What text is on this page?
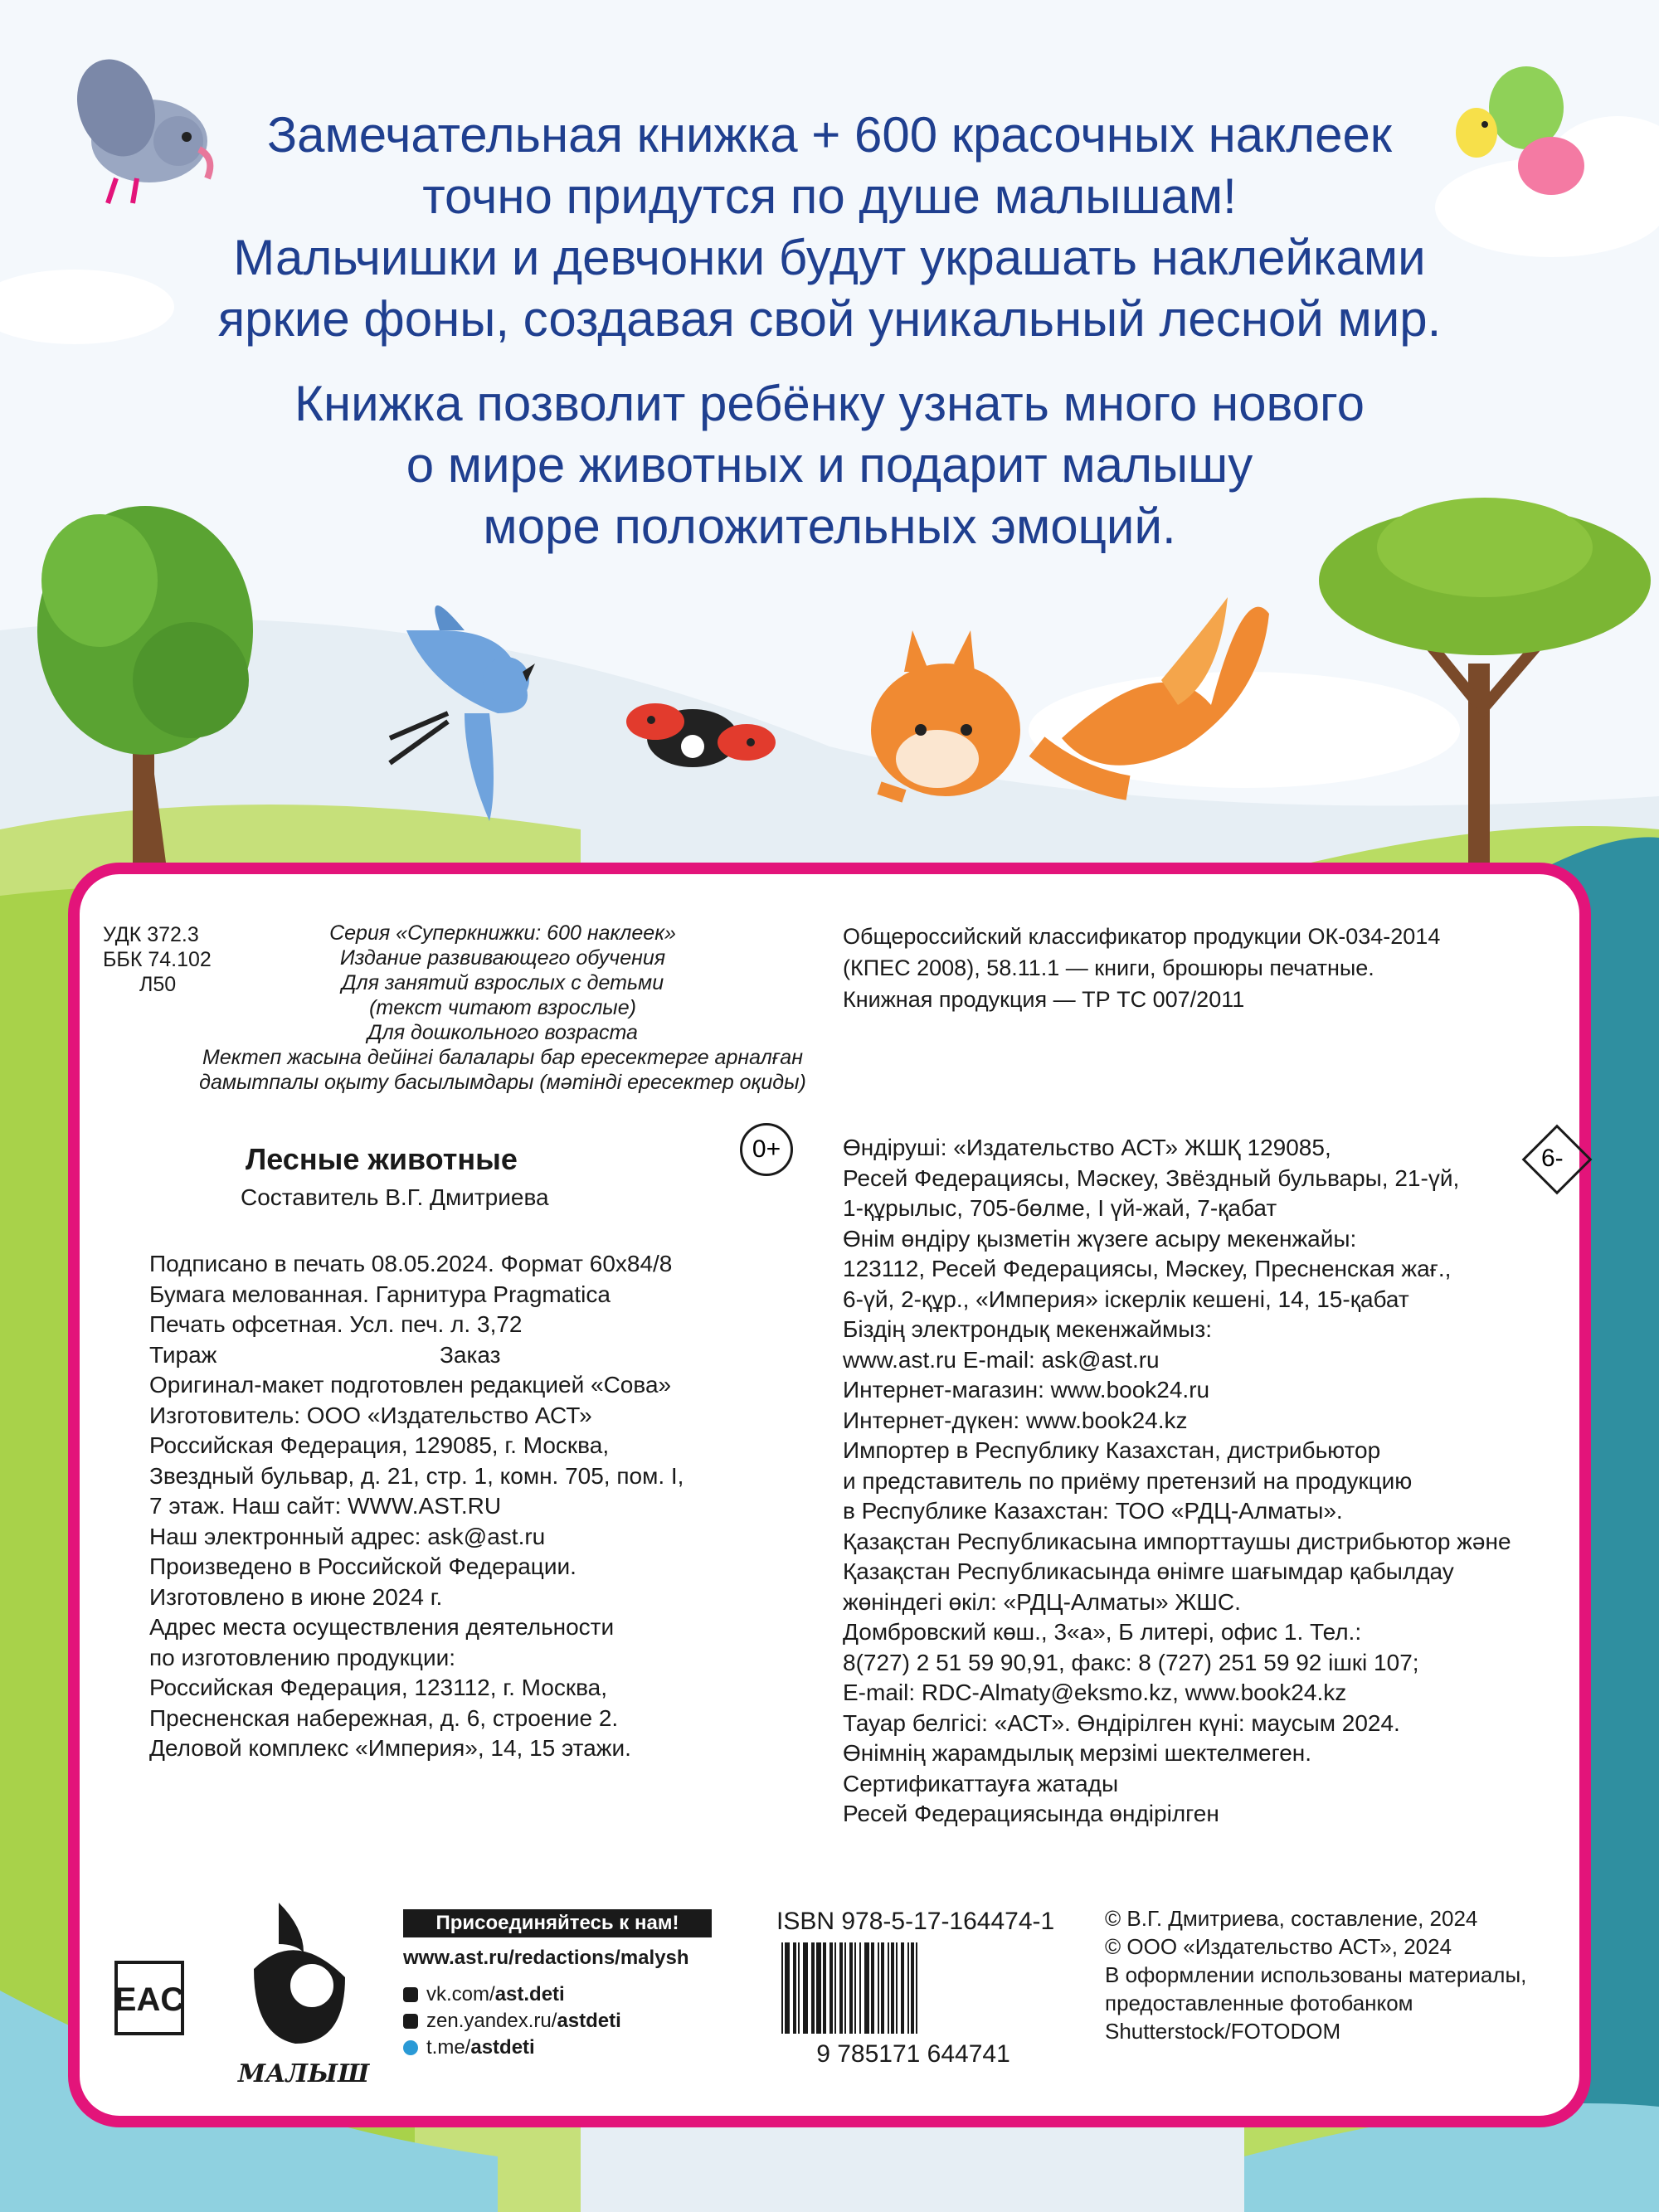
Замечательная книжка + 600 красочных наклеек
точно придутся по душе малышам!
Мальчишки и девчонки будут украшать наклейками
яркие фоны, создавая свой уникальный лесной мир.
Книжка позволит ребёнку узнать много нового
о мире животных и подарит малышу
море положительных эмоций.
УДК 372.3
ББК 74.102
Л50
Серия «Суперкнижки: 600 наклеек»
Издание развивающего обучения
Для занятий взрослых с детьми
(текст читают взрослые)
Для дошкольного возраста
Мектеп жасына дейінгі балалары бар ересектерге арналған
дамытпалы оқыту басылымдары (мәтінді ересектер оқиды)
Общероссийский классификатор продукции ОК-034-2014
(КПЕС 2008), 58.11.1 — книги, брошюры печатные.
Книжная продукция — ТР ТС 007/2011
Лесные животные
Составитель В.Г. Дмитриева
0+	6-
Подписано в печать 08.05.2024. Формат 60x84/8
Бумага мелованная. Гарнитура Pragmatica
Печать офсетная. Усл. печ. л. 3,72
Тираж	Заказ
Оригинал-макет подготовлен редакцией «Сова»
Изготовитель: ООО «Издательство АСТ»
Российская Федерация, 129085, г. Москва,
Звездный бульвар, д. 21, стр. 1, комн. 705, пом. I,
7 этаж. Наш сайт: WWW.AST.RU
Наш электронный адрес: ask@ast.ru
Произведено в Российской Федерации.
Изготовлено в июне 2024 г.
Адрес места осуществления деятельности
по изготовлению продукции:
Российская Федерация, 123112, г. Москва,
Пресненская набережная, д. 6, строение 2.
Деловой комплекс «Империя», 14, 15 этажи.
Өндіруші: «Издательство АСТ» ЖШҚ 129085,
Ресей Федерациясы, Мәскеу, Звёздный бульвары, 21-үй,
1-құрылыс, 705-бөлме, I үй-жай, 7-қабат
Өнім өндіру қызметін жүзеге асыру мекенжайы:
123112, Ресей Федерациясы, Мәскеу, Пресненская жағ.,
6-үй, 2-құр., «Империя» іскерлік кешені, 14, 15-қабат
Біздің электрондық мекенжаймыз:
www.ast.ru E-mail: ask@ast.ru
Интернет-магазин: www.book24.ru
Интернет-дүкен: www.book24.kz
Импортер в Республику Казахстан, дистрибьютор
и представитель по приёму претензий на продукцию
в Республике Казахстан: ТОО «РДЦ-Алматы».
Қазақстан Республикасына импорттаушы дистрибьютор және
Қазақстан Республикасында өнімге шағымдар қабылдау
жөніндегі өкіл: «РДЦ-Алматы» ЖШС.
Домбровский көш., 3«а», Б литері, офис 1. Тел.:
8(727) 2 51 59 90,91, факс: 8 (727) 251 59 92 ішкі 107;
E-mail: RDC-Almaty@eksmo.kz, www.book24.kz
Тауар белгісі: «АСТ». Өндірілген күні: маусым 2024.
Өнімнің жарамдылық мерзімі шектелмеген.
Сертификаттауға жатады
Ресей Федерациясында өндірілген
EAC
МАЛЫШ
Присоединяйтесь к нам!
www.ast.ru/redactions/malysh
vk.com/ast.deti
zen.yandex.ru/astdeti
t.me/astdeti
ISBN 978-5-17-164474-1
9 785171 644741
© В.Г. Дмитриева, составление, 2024
© ООО «Издательство АСТ», 2024
В оформлении использованы материалы,
предоставленные фотобанком
Shutterstock/FOTODOM
